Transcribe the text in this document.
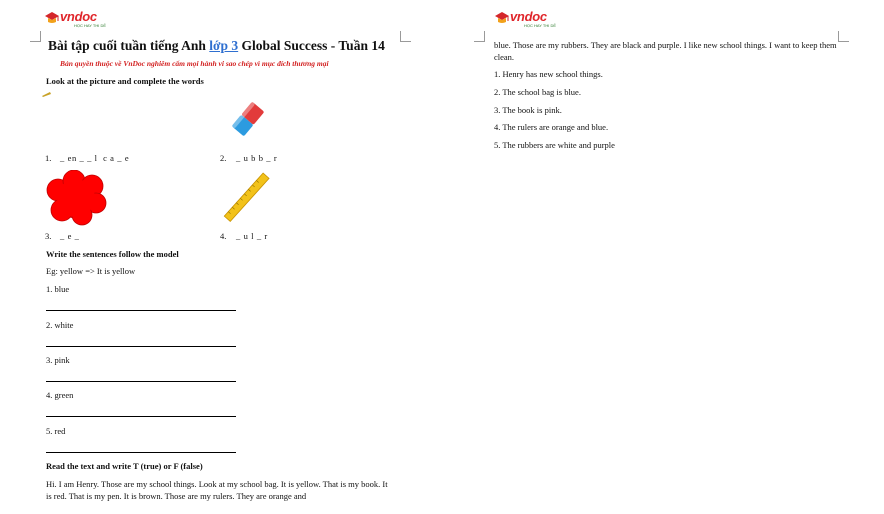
vndoc
HỌC HAY THI DỄ
Bài tập cuối tuần tiếng Anh lớp 3 Global Success - Tuần 14
Bản quyền thuộc về VnDoc nghiêm cấm mọi hành vi sao chép vì mục đích thương mại
Look at the picture and complete the words
1. _ en _ _ l  c a _ e	2. _ u b b _ r
3. _ e _	4. _ u l _ r
Write the sentences follow the model
Eg: yellow => It is yellow
1. blue
2. white
3. pink
4. green
5. red
Read the text and write T (true) or F (false)
Hi. I am Henry. Those are my school things. Look at my school bag. It is yellow. That is my book. It is red. That is my pen. It is brown. Those are my rulers. They are orange and
vndoc
HỌC HAY THI DỄ
blue. Those are my rubbers. They are black and purple. I like new school things. I want to keep them clean.
1. Henry has new school things.
2. The school bag is blue.
3. The book is pink.
4. The rulers are orange and blue.
5. The rubbers are white and purple
